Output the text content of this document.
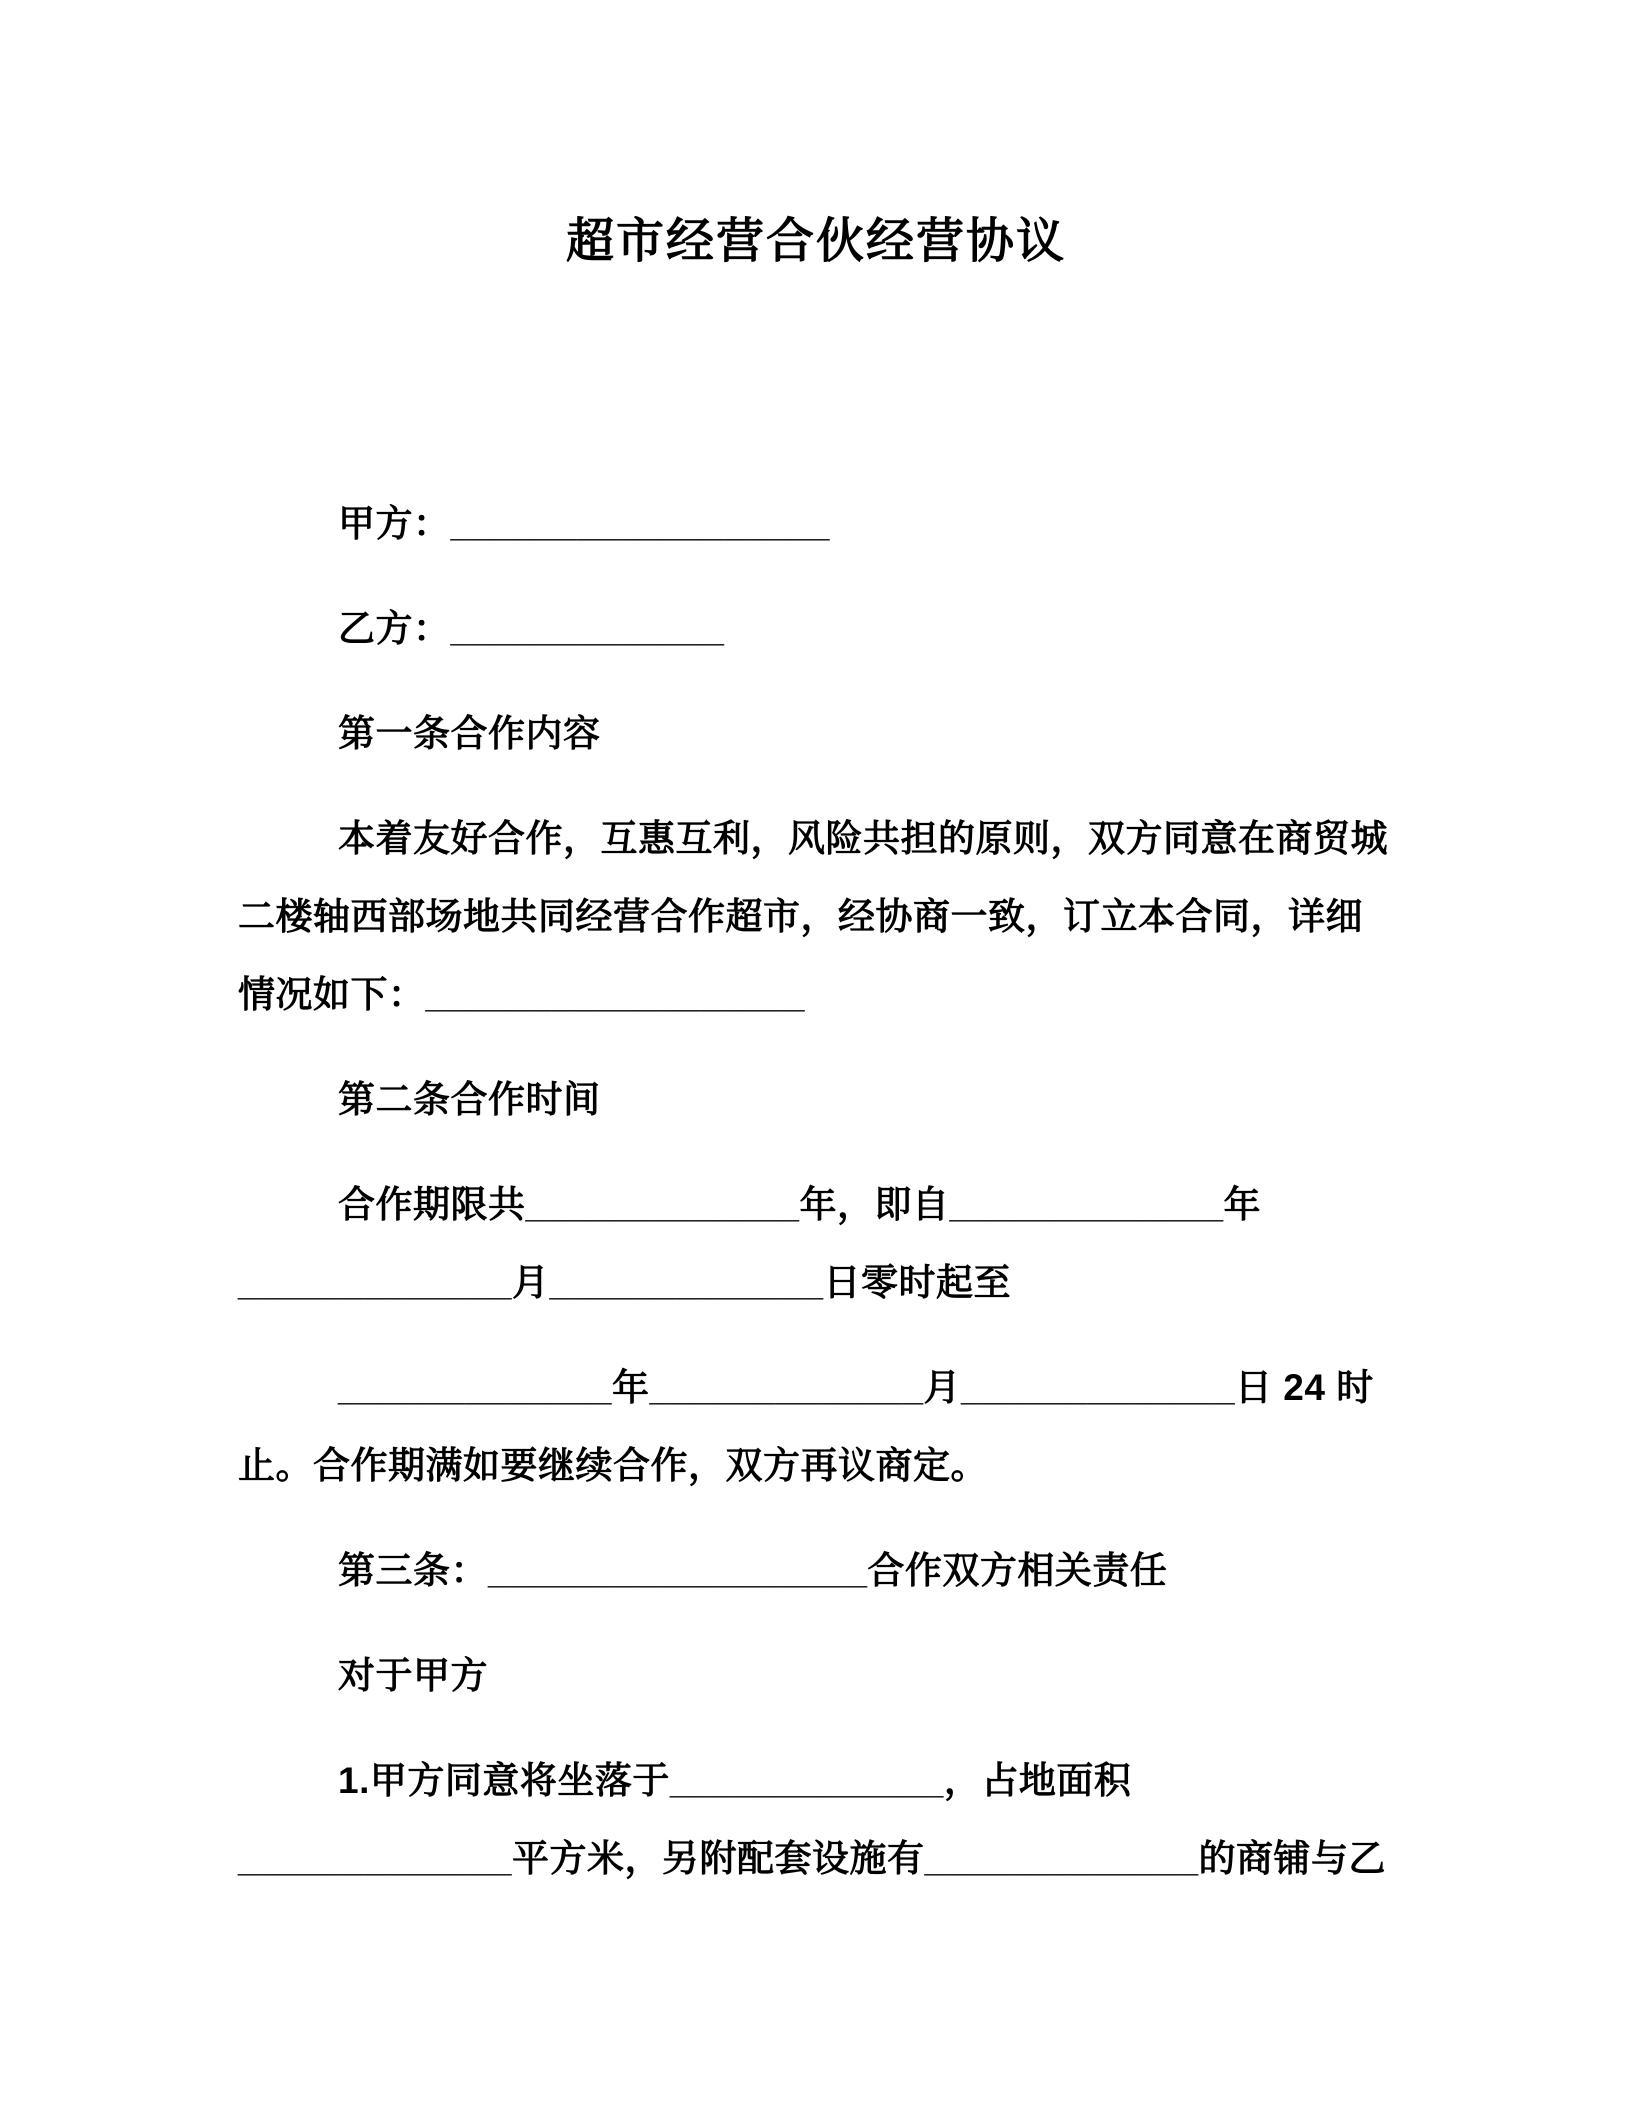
超市经营合伙经营协议
甲方：__________________
乙方：_____________
第一条合作内容
本着友好合作，互惠互利，风险共担的原则，双方同意在商贸城
二楼轴西部场地共同经营合作超市，经协商一致，订立本合同，详细
情况如下：__________________
第二条合作时间
合作期限共_____________年，即自_____________年
_____________月_____________日零时起至
_____________年_____________月_____________日 24 时
止。合作期满如要继续合作，双方再议商定。
第三条：__________________合作双方相关责任
对于甲方
1.甲方同意将坐落于_____________，占地面积
_____________平方米，另附配套设施有_____________的商铺与乙
